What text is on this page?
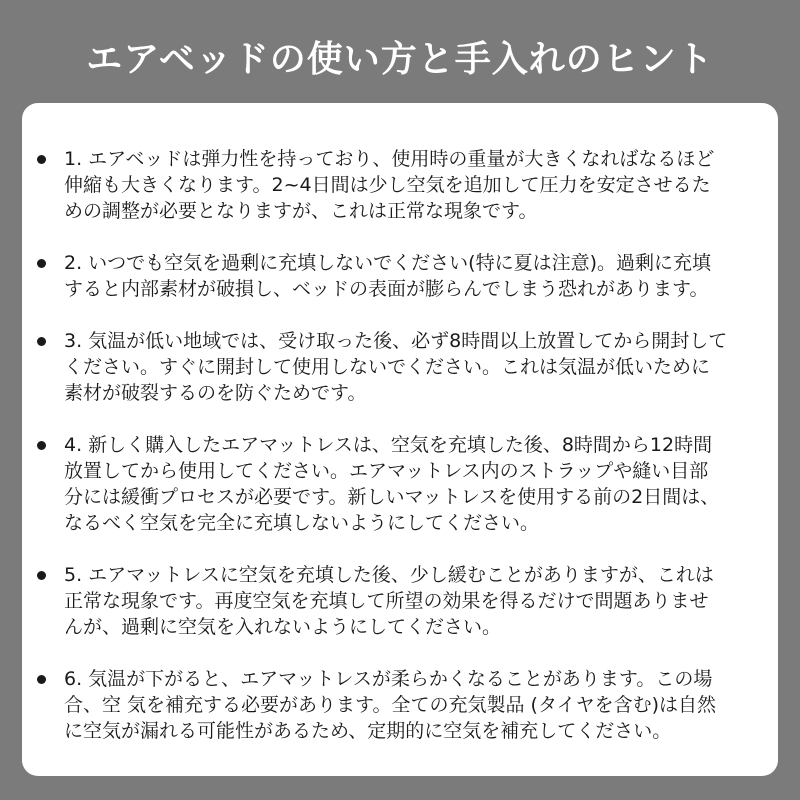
エアベッドの使い方と手入れのヒント
1. エアベッドは弾力性を持っており、使用時の重量が大きくなればなるほど
伸縮も大きくなります。2~4日間は少し空気を追加して圧力を安定させるた
めの調整が必要となりますが、これは正常な現象です。
2. いつでも空気を過剰に充填しないでください(特に夏は注意)。過剰に充填
すると内部素材が破損し、ベッドの表面が膨らんでしまう恐れがあります。
3. 気温が低い地域では、受け取った後、必ず8時間以上放置してから開封して
ください。すぐに開封して使用しないでください。これは気温が低いために
素材が破裂するのを防ぐためです。
4. 新しく購入したエアマットレスは、空気を充填した後、8時間から12時間
放置してから使用してください。エアマットレス内のストラップや縫い目部
分には緩衝プロセスが必要です。新しいマットレスを使用する前の2日間は、
なるべく空気を完全に充填しないようにしてください。
5. エアマットレスに空気を充填した後、少し緩むことがありますが、これは
正常な現象です。再度空気を充填して所望の効果を得るだけで問題ありませ
んが、過剰に空気を入れないようにしてください。
6. 気温が下がると、エアマットレスが柔らかくなることがあります。この場
合、空 気を補充する必要があります。全ての充気製品 (タイヤを含む)は自然
に空気が漏れる可能性があるため、定期的に空気を補充してください。
